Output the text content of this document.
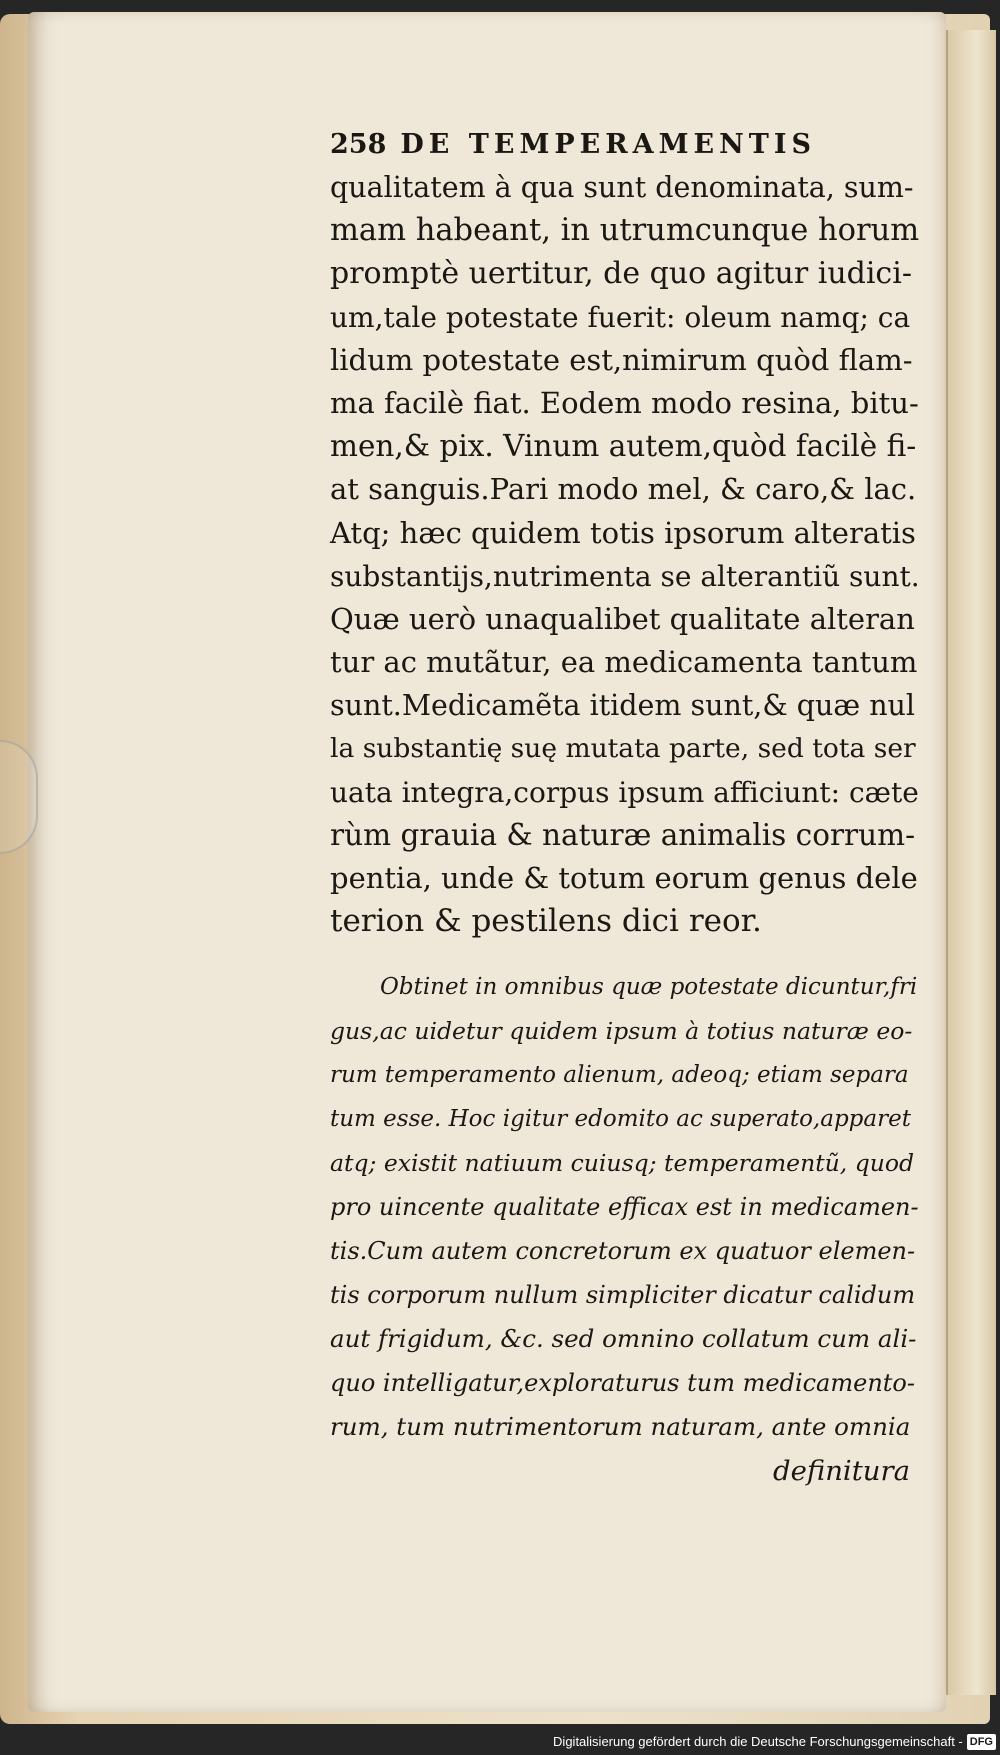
258 DE TEMPERAMENTIS
qualitatem à qua sunt denominata, sum-
mam habeant, in utrumcunque horum
promptè uertitur, de quo agitur iudici-
um,tale potestate fuerit: oleum namq; ca
lidum potestate est,nimirum quòd flam-
ma facilè fiat. Eodem modo resina, bitu-
men,& pix. Vinum autem,quòd facilè fi-
at sanguis.Pari modo mel, & caro,& lac.
Atq; hæc quidem totis ipsorum alteratis
substantijs,nutrimenta se alterantiũ sunt.
Quæ uerò unaqualibet qualitate alteran
tur ac mutãtur, ea medicamenta tantum
sunt.Medicamẽta itidem sunt,& quæ nul
la substantię suę mutata parte, sed tota ser
uata integra,corpus ipsum afficiunt: cæte
rùm grauia & naturæ animalis corrum-
pentia, unde & totum eorum genus dele
terion & pestilens dici reor.
Obtinet in omnibus quæ potestate dicuntur,fri
gus,ac uidetur quidem ipsum à totius naturæ eo-
rum temperamento alienum, adeoq; etiam separa
tum esse. Hoc igitur edomito ac superato,apparet
atq; existit natiuum cuiusq; temperamentũ, quod
pro uincente qualitate efficax est in medicamen-
tis.Cum autem concretorum ex quatuor elemen-
tis corporum nullum simpliciter dicatur calidum
aut frigidum, &c. sed omnino collatum cum ali-
quo intelligatur,exploraturus tum medicamento-
rum, tum nutrimentorum naturam, ante omnia
definitura
Digitalisierung gefördert durch die Deutsche Forschungsgemeinschaft - DFG
